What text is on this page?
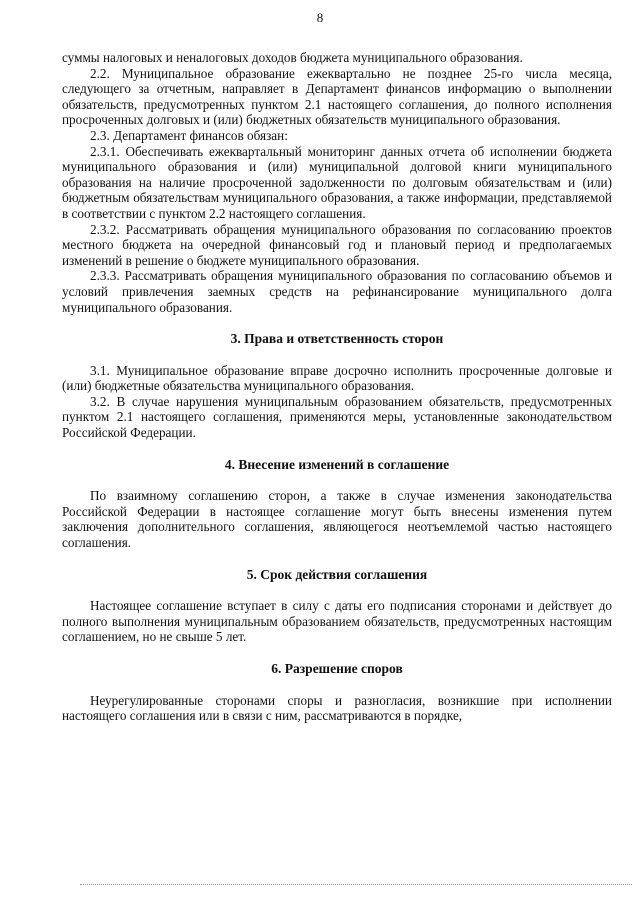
8

суммы налоговых и неналоговых доходов бюджета муниципального образования.

2.2. Муниципальное образование ежеквартально не позднее 25-го числа месяца, следующего за отчетным, направляет в Департамент финансов информацию о выполнении обязательств, предусмотренных пунктом 2.1 настоящего соглашения, до полного исполнения просроченных долговых и (или) бюджетных обязательств муниципального образования.

2.3. Департамент финансов обязан:

2.3.1. Обеспечивать ежеквартальный мониторинг данных отчета об исполнении бюджета муниципального образования и (или) муниципальной долговой книги муниципального образования на наличие просроченной задолженности по долговым обязательствам и (или) бюджетным обязательствам муниципального образования, а также информации, представляемой в соответствии с пунктом 2.2 настоящего соглашения.

2.3.2. Рассматривать обращения муниципального образования по согласованию проектов местного бюджета на очередной финансовый год и плановый период и предполагаемых изменений в решение о бюджете муниципального образования.

2.3.3. Рассматривать обращения муниципального образования по согласованию объемов и условий привлечения заемных средств на рефинансирование муниципального долга муниципального образования.

3. Права и ответственность сторон

3.1. Муниципальное образование вправе досрочно исполнить просроченные долговые и (или) бюджетные обязательства муниципального образования.

3.2. В случае нарушения муниципальным образованием обязательств, предусмотренных пунктом 2.1 настоящего соглашения, применяются меры, установленные законодательством Российской Федерации.

4. Внесение изменений в соглашение

По взаимному соглашению сторон, а также в случае изменения законодательства Российской Федерации в настоящее соглашение могут быть внесены изменения путем заключения дополнительного соглашения, являющегося неотъемлемой частью настоящего соглашения.

5. Срок действия соглашения

Настоящее соглашение вступает в силу с даты его подписания сторонами и действует до полного выполнения муниципальным образованием обязательств, предусмотренных настоящим соглашением, но не свыше 5 лет.

6. Разрешение споров

Неурегулированные сторонами споры и разногласия, возникшие при исполнении настоящего соглашения или в связи с ним, рассматриваются в порядке,
